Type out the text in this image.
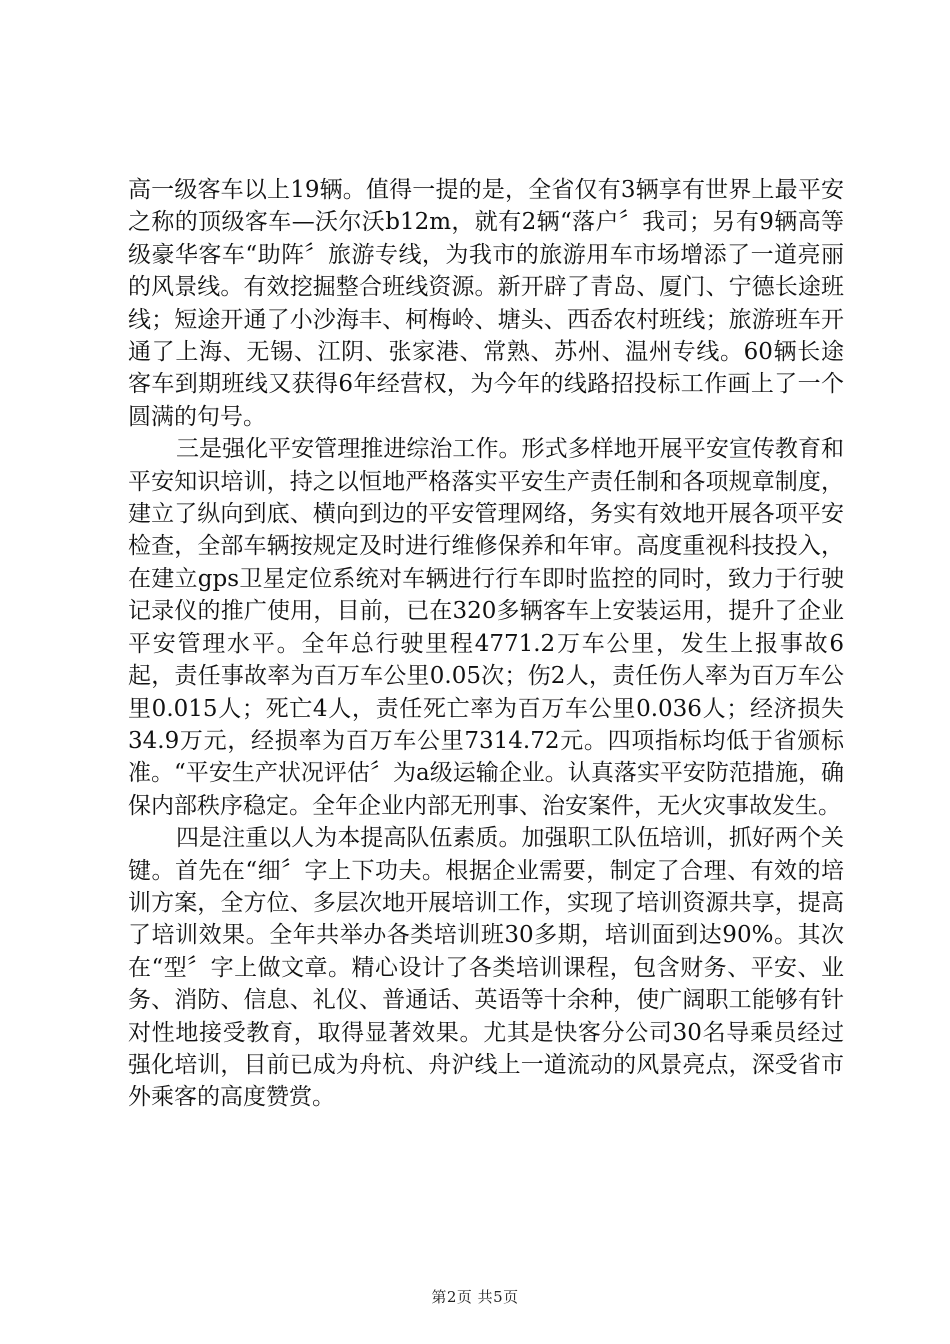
高一级客车以上19辆。值得一提的是，全省仅有3辆享有世界上最平安之称的顶级客车—沃尔沃b12m，就有2辆“落户〞我司；另有9辆高等级豪华客车“助阵〞旅游专线，为我市的旅游用车市场增添了一道亮丽的风景线。有效挖掘整合班线资源。新开辟了青岛、厦门、宁德长途班线；短途开通了小沙海丰、柯梅岭、塘头、西岙农村班线；旅游班车开通了上海、无锡、江阴、张家港、常熟、苏州、温州专线。60辆长途客车到期班线又获得6年经营权，为今年的线路招投标工作画上了一个圆满的句号。

三是强化平安管理推进综治工作。形式多样地开展平安宣传教育和平安知识培训，持之以恒地严格落实平安生产责任制和各项规章制度，建立了纵向到底、横向到边的平安管理网络，务实有效地开展各项平安检查，全部车辆按规定及时进行维修保养和年审。高度重视科技投入，在建立gps卫星定位系统对车辆进行行车即时监控的同时，致力于行驶记录仪的推广使用，目前，已在320多辆客车上安装运用，提升了企业平安管理水平。全年总行驶里程4771.2万车公里，发生上报事故6起，责任事故率为百万车公里0.05次；伤2人，责任伤人率为百万车公里0.015人；死亡4人，责任死亡率为百万车公里0.036人；经济损失34.9万元，经损率为百万车公里7314.72元。四项指标均低于省颁标准。“平安生产状况评估〞为a级运输企业。认真落实平安防范措施，确保内部秩序稳定。全年企业内部无刑事、治安案件，无火灾事故发生。

四是注重以人为本提高队伍素质。加强职工队伍培训，抓好两个关键。首先在“细〞字上下功夫。根据企业需要，制定了合理、有效的培训方案，全方位、多层次地开展培训工作，实现了培训资源共享，提高了培训效果。全年共举办各类培训班30多期，培训面到达90%。其次在“型〞字上做文章。精心设计了各类培训课程，包含财务、平安、业务、消防、信息、礼仪、普通话、英语等十余种，使广阔职工能够有针对性地接受教育，取得显著效果。尤其是快客分公司30名导乘员经过强化培训，目前已成为舟杭、舟沪线上一道流动的风景亮点，深受省市外乘客的高度赞赏。

第2页 共5页
